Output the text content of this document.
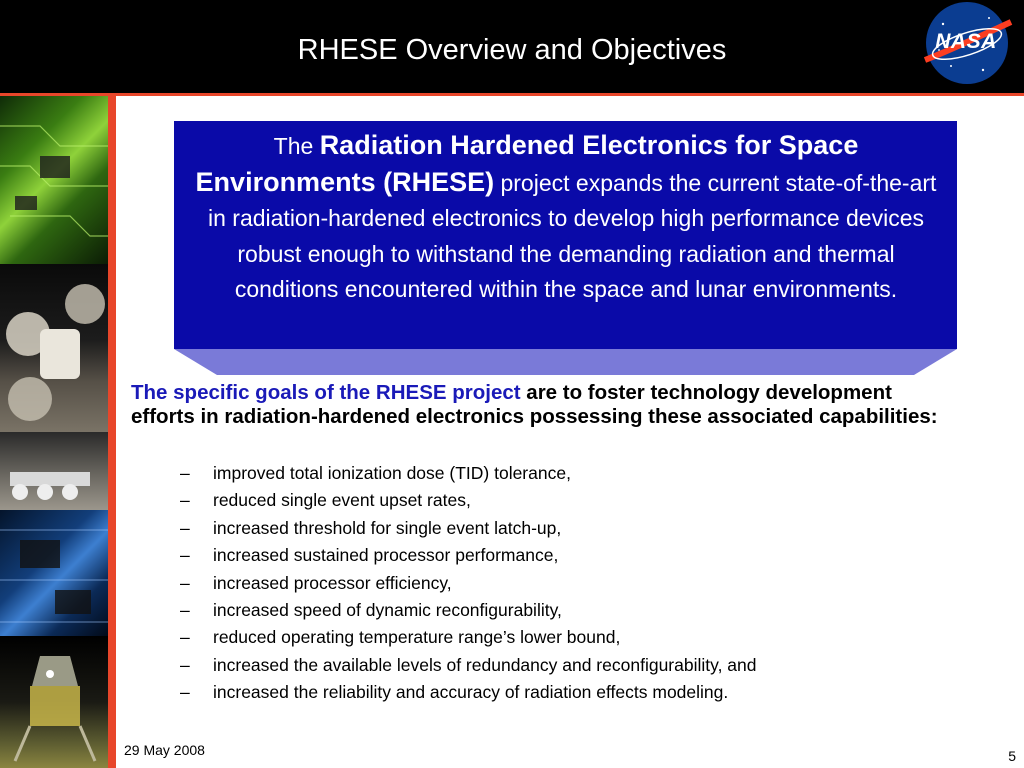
RHESE Overview and Objectives	NASA
The Radiation Hardened Electronics for Space Environments (RHESE) project expands the current state-of-the-art in radiation-hardened electronics to develop high performance devices robust enough to withstand the demanding radiation and thermal conditions encountered within the space and lunar environments.
The specific goals of the RHESE project are to foster technology development efforts in radiation-hardened electronics possessing these associated capabilities:
– improved total ionization dose (TID) tolerance,
– reduced single event upset rates,
– increased threshold for single event latch-up,
– increased sustained processor performance,
– increased processor efficiency,
– increased speed of dynamic reconfigurability,
– reduced operating temperature range’s lower bound,
– increased the available levels of redundancy and reconfigurability, and
– increased the reliability and accuracy of radiation effects modeling.
29 May 2008	5
